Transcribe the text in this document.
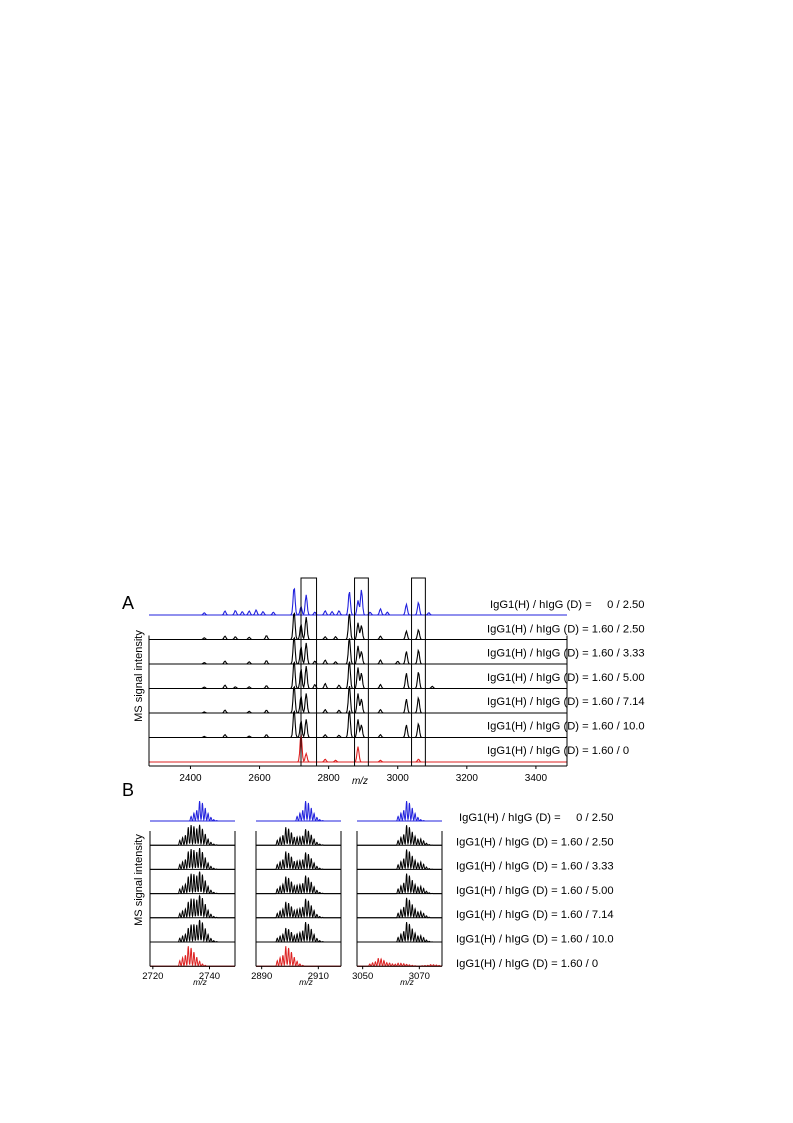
A
MS signal intensity
m/z
2400	2600	2800	3000	3200	3400
B
MS signal intensity
2720	2740
m/z	2890	2910
m/z	3050	3070
m/z
IgG1(H) / hIgG (D) =     0 / 2.50
IgG1(H) / hIgG (D) = 1.60 / 2.50
IgG1(H) / hIgG (D) = 1.60 / 3.33
IgG1(H) / hIgG (D) = 1.60 / 5.00
IgG1(H) / hIgG (D) = 1.60 / 7.14
IgG1(H) / hIgG (D) = 1.60 / 10.0
IgG1(H) / hIgG (D) = 1.60 / 0
IgG1(H) / hIgG (D) =     0 / 2.50
IgG1(H) / hIgG (D) = 1.60 / 2.50
IgG1(H) / hIgG (D) = 1.60 / 3.33
IgG1(H) / hIgG (D) = 1.60 / 5.00
IgG1(H) / hIgG (D) = 1.60 / 7.14
IgG1(H) / hIgG (D) = 1.60 / 10.0
IgG1(H) / hIgG (D) = 1.60 / 0
